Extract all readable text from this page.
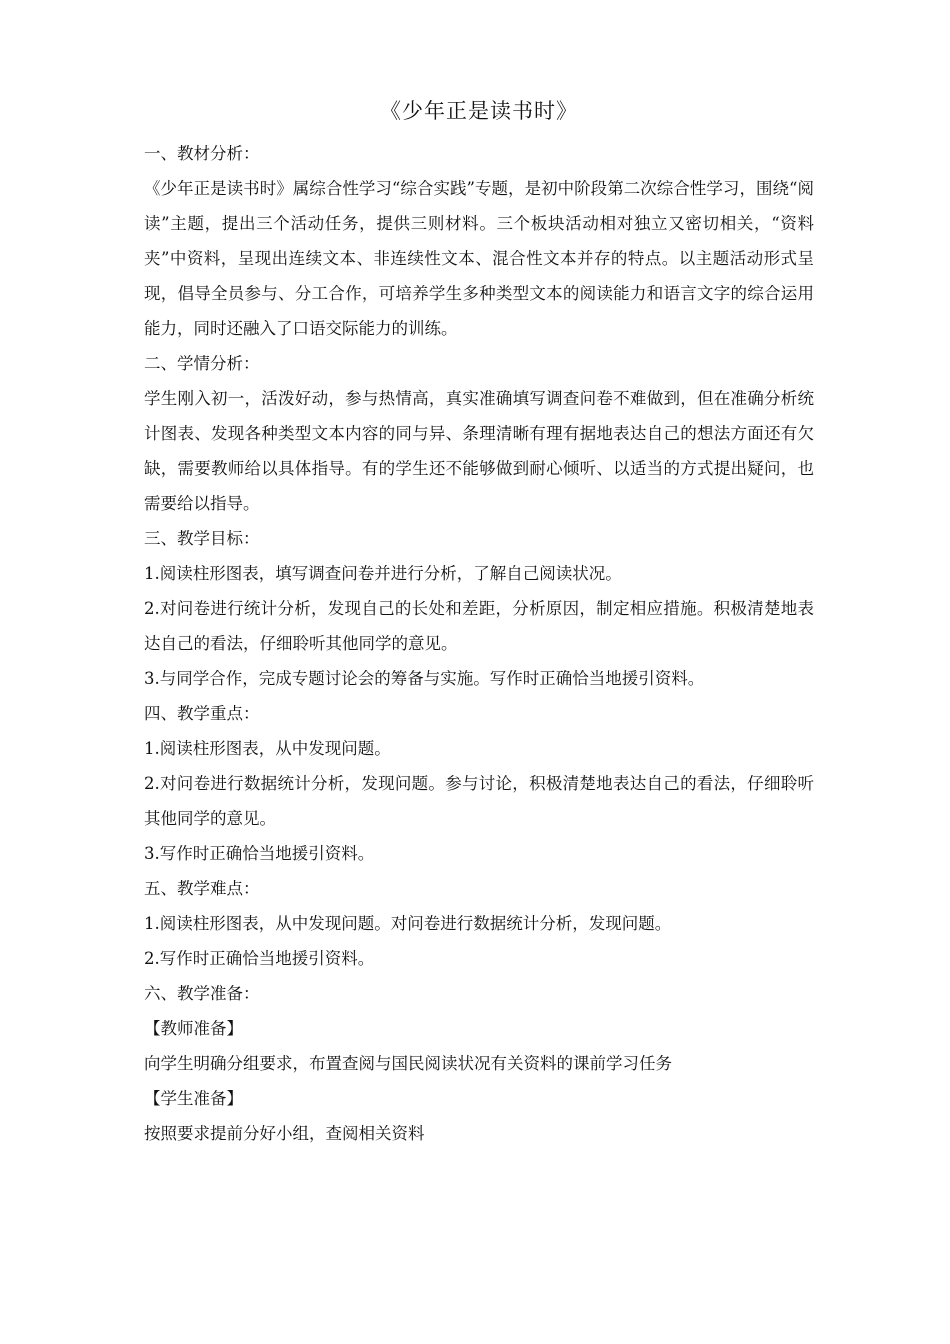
《少年正是读书时》

一、教材分析：

《少年正是读书时》属综合性学习“综合实践”专题，是初中阶段第二次综合性学习，围绕“阅读”主题，提出三个活动任务，提供三则材料。三个板块活动相对独立又密切相关，“资料夹”中资料，呈现出连续文本、非连续性文本、混合性文本并存的特点。以主题活动形式呈现，倡导全员参与、分工合作，可培养学生多种类型文本的阅读能力和语言文字的综合运用能力，同时还融入了口语交际能力的训练。

二、学情分析：

学生刚入初一，活泼好动，参与热情高，真实准确填写调查问卷不难做到，但在准确分析统计图表、发现各种类型文本内容的同与异、条理清晰有理有据地表达自己的想法方面还有欠缺，需要教师给以具体指导。有的学生还不能够做到耐心倾听、以适当的方式提出疑问，也需要给以指导。

三、教学目标：

1.阅读柱形图表，填写调查问卷并进行分析，了解自己阅读状况。

2.对问卷进行统计分析，发现自己的长处和差距，分析原因，制定相应措施。积极清楚地表达自己的看法，仔细聆听其他同学的意见。

3.与同学合作，完成专题讨论会的筹备与实施。写作时正确恰当地援引资料。

四、教学重点：

1.阅读柱形图表，从中发现问题。

2.对问卷进行数据统计分析，发现问题。参与讨论，积极清楚地表达自己的看法，仔细聆听其他同学的意见。

3.写作时正确恰当地援引资料。

五、教学难点：

1.阅读柱形图表，从中发现问题。对问卷进行数据统计分析，发现问题。

2.写作时正确恰当地援引资料。

六、教学准备：

【教师准备】

向学生明确分组要求，布置查阅与国民阅读状况有关资料的课前学习任务

【学生准备】

按照要求提前分好小组，查阅相关资料
